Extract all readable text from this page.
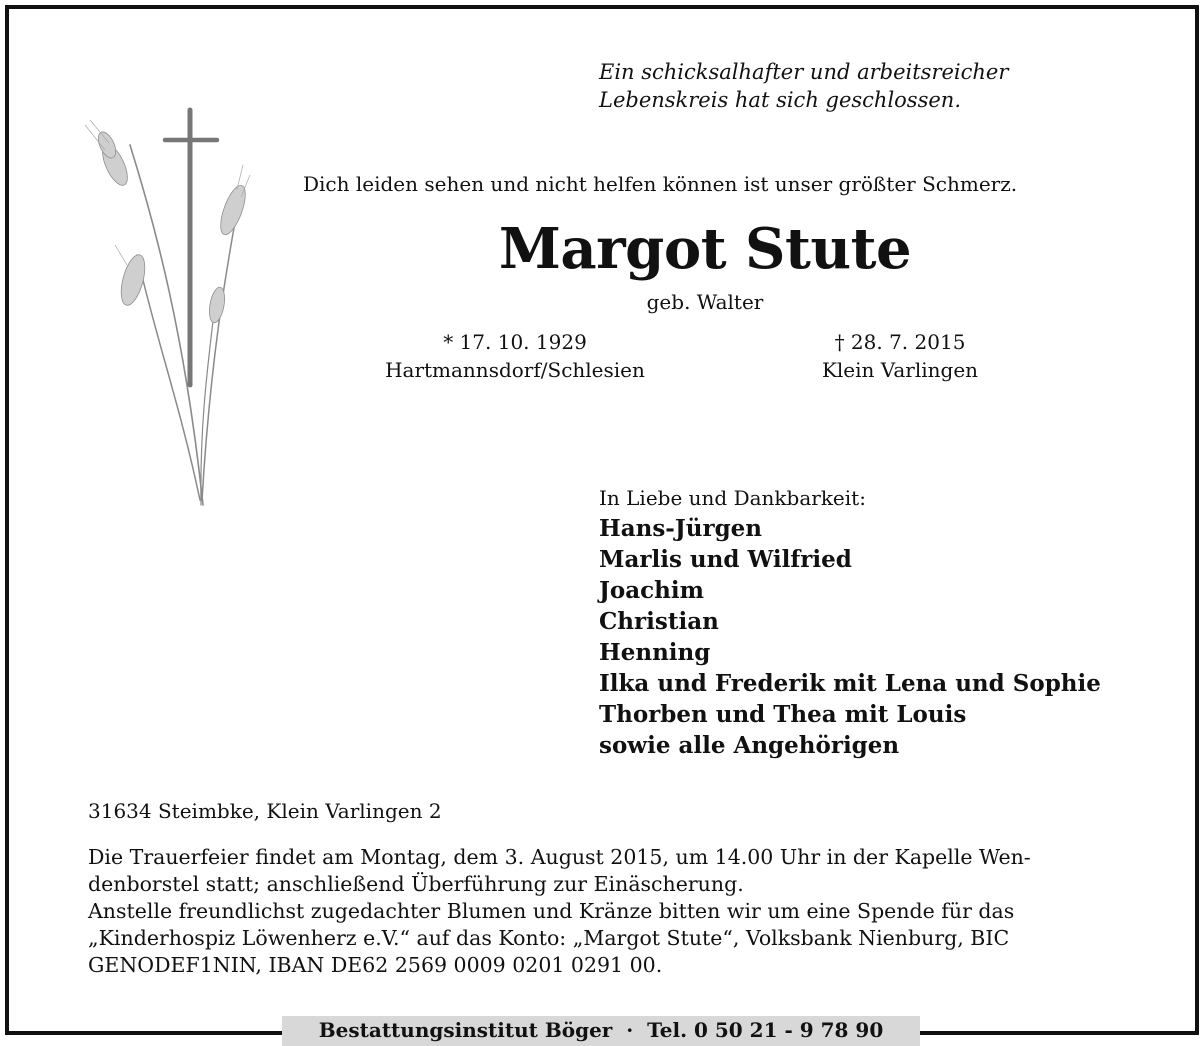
Ein schicksalhafter und arbeitsreicher
Lebenskreis hat sich geschlossen.
Dich leiden sehen und nicht helfen können ist unser größter Schmerz.
Margot Stute
geb. Walter
* 17. 10. 1929
Hartmannsdorf/Schlesien
† 28. 7. 2015
Klein Varlingen
In Liebe und Dankbarkeit:
Hans-Jürgen
Marlis und Wilfried
Joachim
Christian
Henning
Ilka und Frederik mit Lena und Sophie
Thorben und Thea mit Louis
sowie alle Angehörigen
31634 Steimbke, Klein Varlingen 2
Die Trauerfeier findet am Montag, dem 3. August 2015, um 14.00 Uhr in der Kapelle Wen-
denborstel statt; anschließend Überführung zur Einäscherung.
Anstelle freundlichst zugedachter Blumen und Kränze bitten wir um eine Spende für das
„Kinderhospiz Löwenherz e.V.“ auf das Konto: „Margot Stute“, Volksbank Nienburg, BIC
GENODEF1NIN, IBAN DE62 2569 0009 0201 0291 00.
Bestattungsinstitut Böger · Tel. 0 50 21 - 9 78 90
